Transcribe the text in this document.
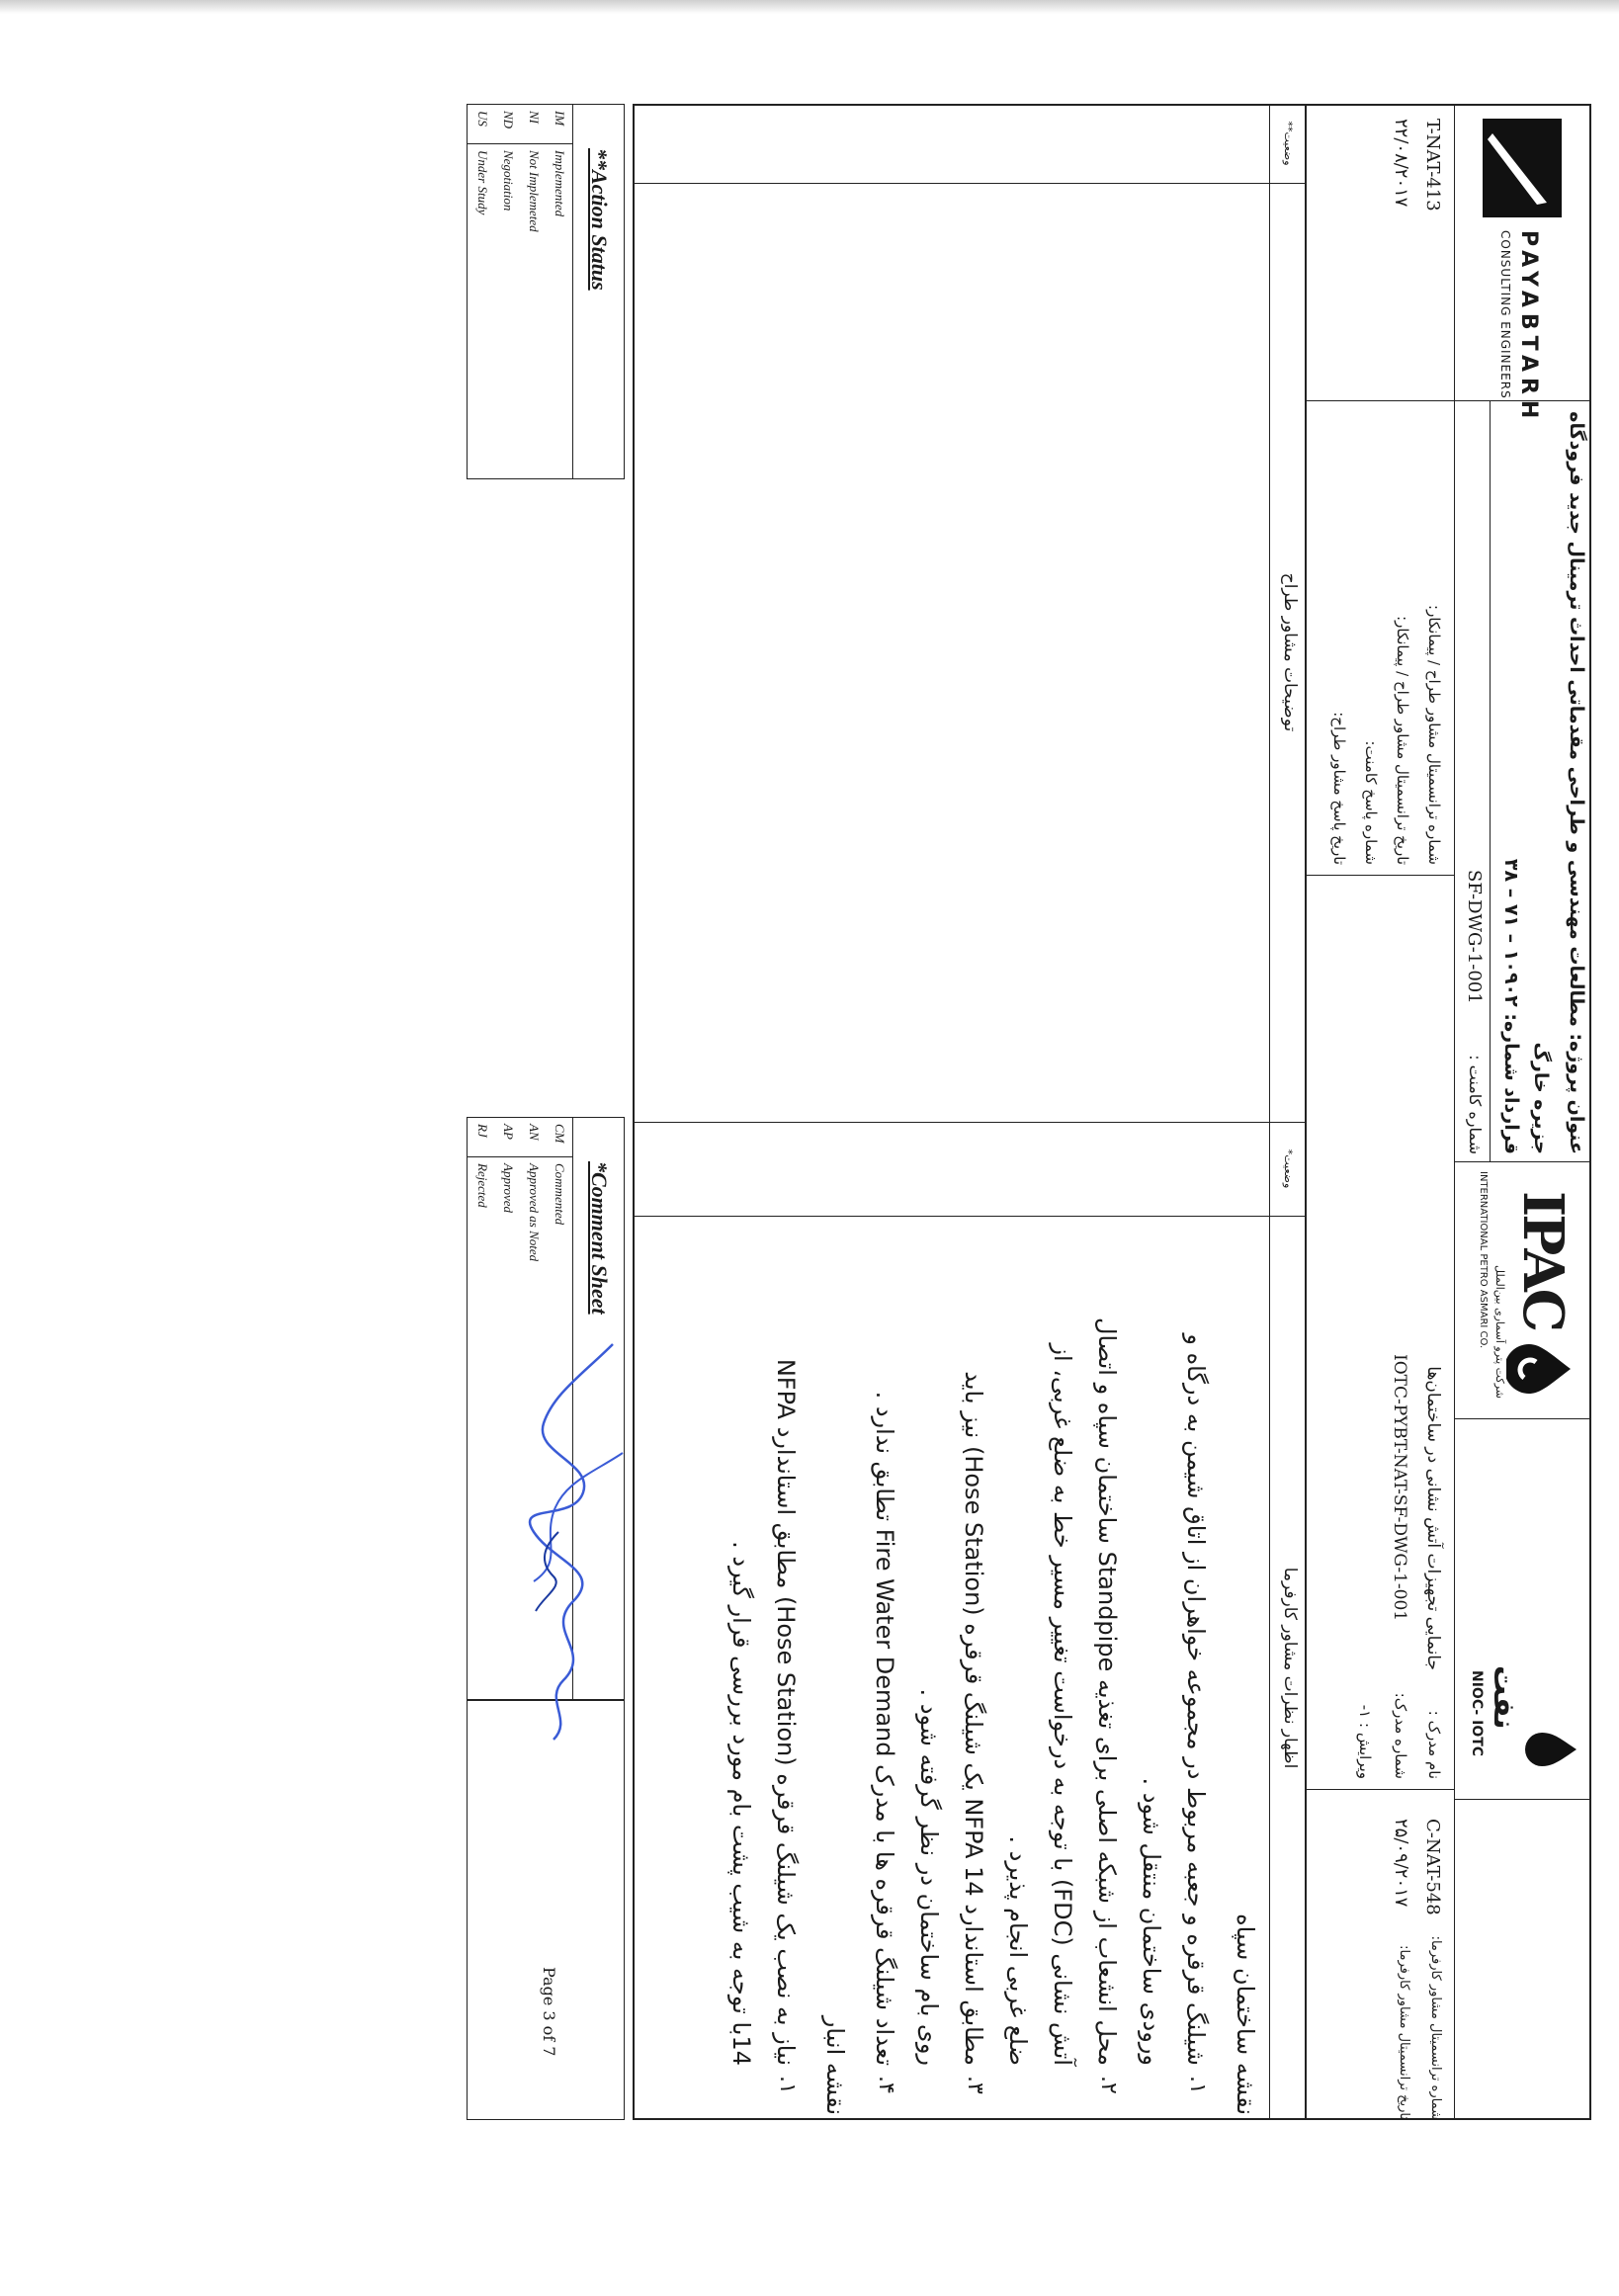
PAYABTARH
CONSULTING ENGINEERS
عنوان پروژه: مطالعات مهندسی و طراحی مقدماتی احداث ترمینال جدید فرودگاه
جزیره خارگ
قرارداد شماره: ۱۰۹۰۲ – ۷۱ – ۳۸
SF-DWG-1-001
شماره کامنت :
IPAC
شرکت پترو آسماری بین‌الملل
INTERNATIONAL PETRO ASMARI CO.
نفت
NIOC- IOTC
T-NAT-413
شماره ترانسمیتال مشاور طراح / پیمانکار:
۲۲/۰۸/۲۰۱۷
تاریخ ترانسمیتال مشاور طراح / پیمانکار:
شماره پاسخ کامنت:
تاریخ پاسخ مشاور طراح:
جانمایی تجهیزات آتش نشانی در ساختمان‌ها
نام مدرک :
IOTC-PYBT-NAT-SF-DWG-1-001
شماره مدرک:
ویرایش : ۱-
C-NAT-548
شماره ترانسمیتال مشاور کارفرما:
۲۵/۰۹/۲۰۱۷
تاریخ ترانسمیتال مشاور کارفرما:
وضعیت**
توضیحات مشاور طراح
وضعیت*
اظهار نظرات مشاور کارفرما
نقشه ساختمان سپاه
.۱
شیلنگ قرقره و جعبه مربوط در مجموعه خواهران از اتاق شیمن به درگاه و
ورودی ساختمان منتقل شود .
.۲
محل انشعاب از شبکه اصلی برای تغذیه Standpipe ساختمان سپاه و اتصال
آتش نشانی (FDC) با توجه به درخواست تغییر مسیر خط به ضلع غربی، از
ضلع غربی انجام پذیرد .
.۳
مطابق استاندارد NFPA 14 یک شیلنگ قرقره (Hose Station) نیز باید
روی بام ساختمان در نظر گرفته شود .
.۴
تعداد شیلنگ قرقره ها با مدرک Fire Water Demand تطابق ندارد .
نقشه انبار
.۱
نیاز به نصب یک شیلنگ قرقره (Hose Station) مطابق استاندارد NFPA
14با توجه به شیب پشت بام مورد بررسی قرار گیرد .
**Action Status
IM
Implemented
NI
Not Implemeted
ND
Negotiation
US
Under Study
*Comment Sheet
CM
Commented
AN
Approved as Noted
AP
Approved
RJ
Rejected
Page 3 of 7
